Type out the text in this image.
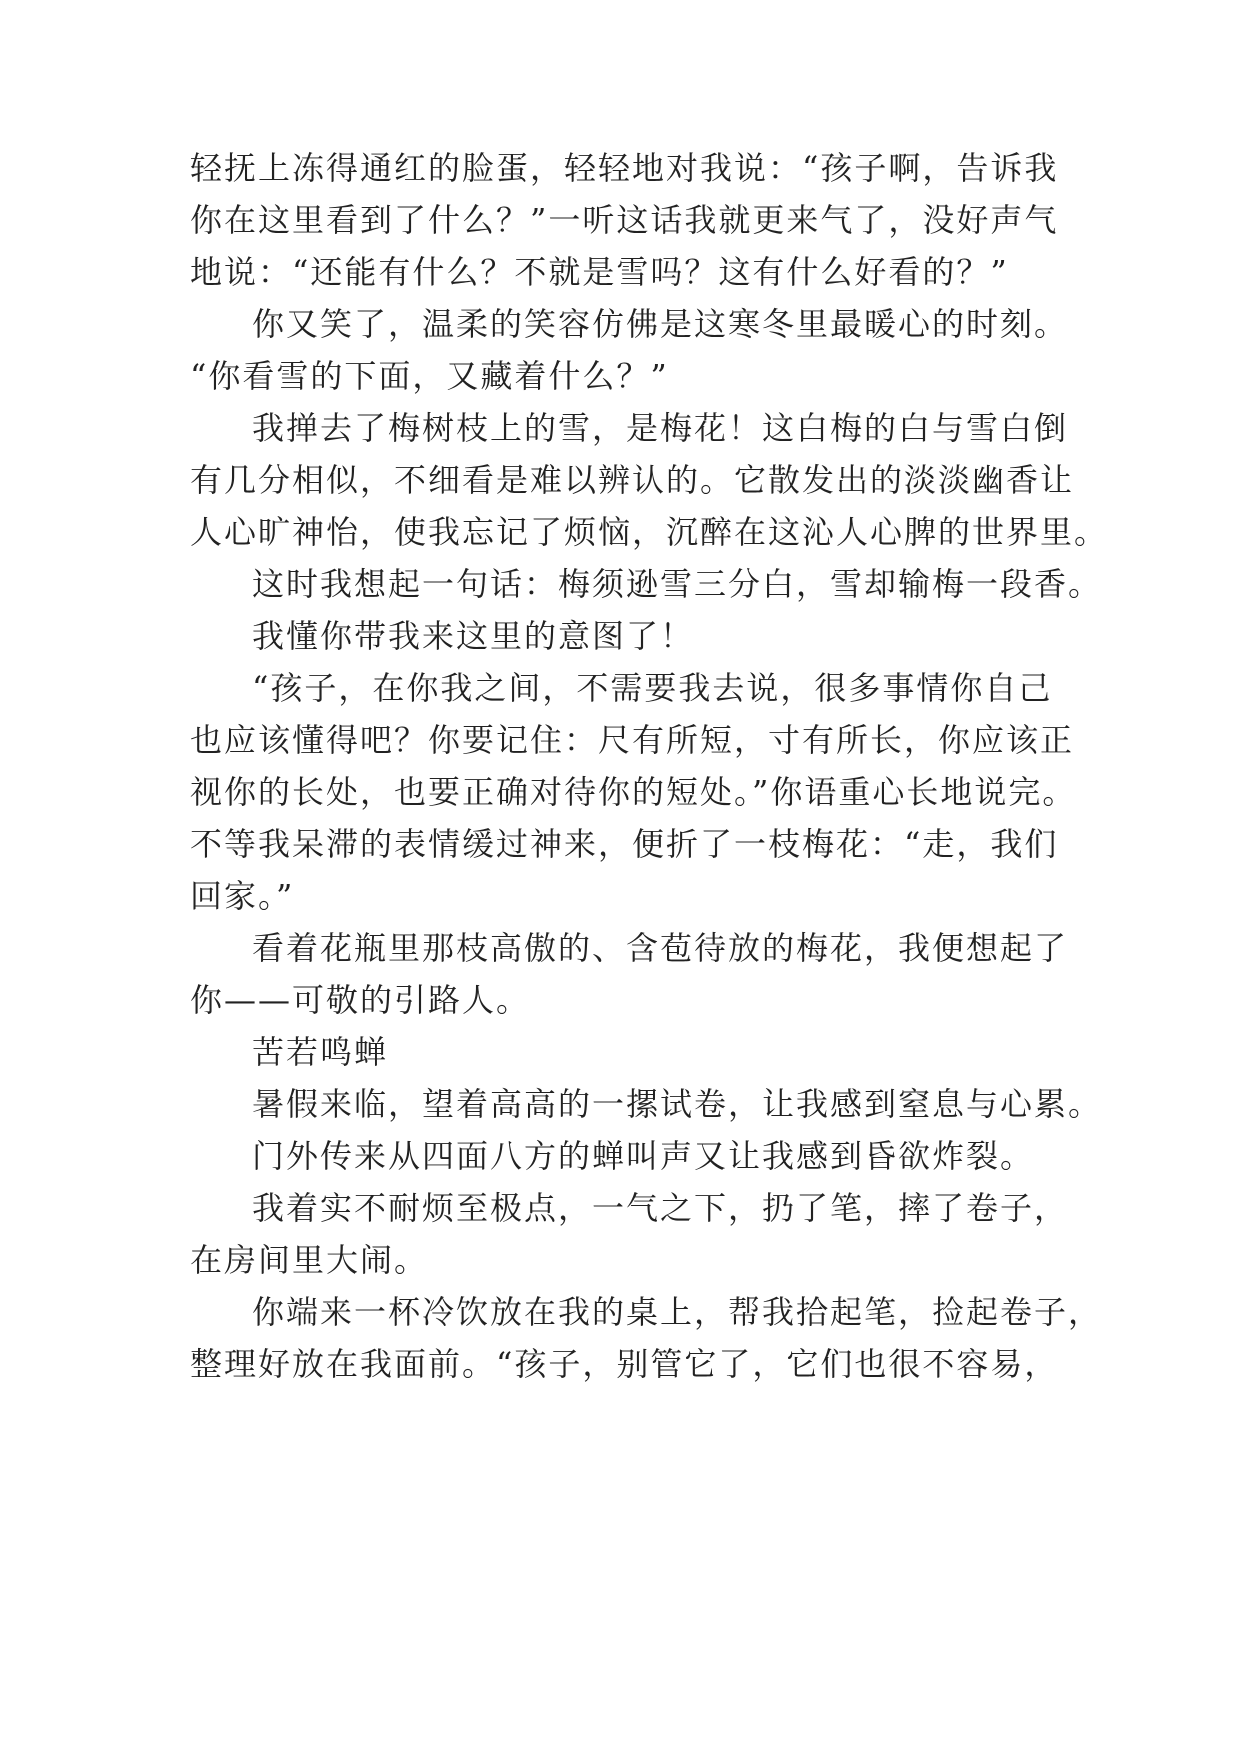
轻抚上冻得通红的脸蛋，轻轻地对我说：“孩子啊，告诉我

你在这里看到了什么？”一听这话我就更来气了，没好声气

地说：“还能有什么？不就是雪吗？这有什么好看的？”

你又笑了，温柔的笑容仿佛是这寒冬里最暖心的时刻。

“你看雪的下面，又藏着什么？”

我掸去了梅树枝上的雪，是梅花！这白梅的白与雪白倒

有几分相似，不细看是难以辨认的。它散发出的淡淡幽香让

人心旷神怡，使我忘记了烦恼，沉醉在这沁人心脾的世界里。

这时我想起一句话：梅须逊雪三分白，雪却输梅一段香。

我懂你带我来这里的意图了！

“孩子，在你我之间，不需要我去说，很多事情你自己

也应该懂得吧？你要记住：尺有所短，寸有所长，你应该正

视你的长处，也要正确对待你的短处。”你语重心长地说完。

不等我呆滞的表情缓过神来，便折了一枝梅花：“走，我们

回家。”

看着花瓶里那枝高傲的、含苞待放的梅花，我便想起了

你——可敬的引路人。

苦若鸣蝉

暑假来临，望着高高的一摞试卷，让我感到窒息与心累。

门外传来从四面八方的蝉叫声又让我感到昏欲炸裂。

我着实不耐烦至极点，一气之下，扔了笔，摔了卷子，

在房间里大闹。

你端来一杯冷饮放在我的桌上，帮我拾起笔，捡起卷子，

整理好放在我面前。“孩子，别管它了，它们也很不容易，
